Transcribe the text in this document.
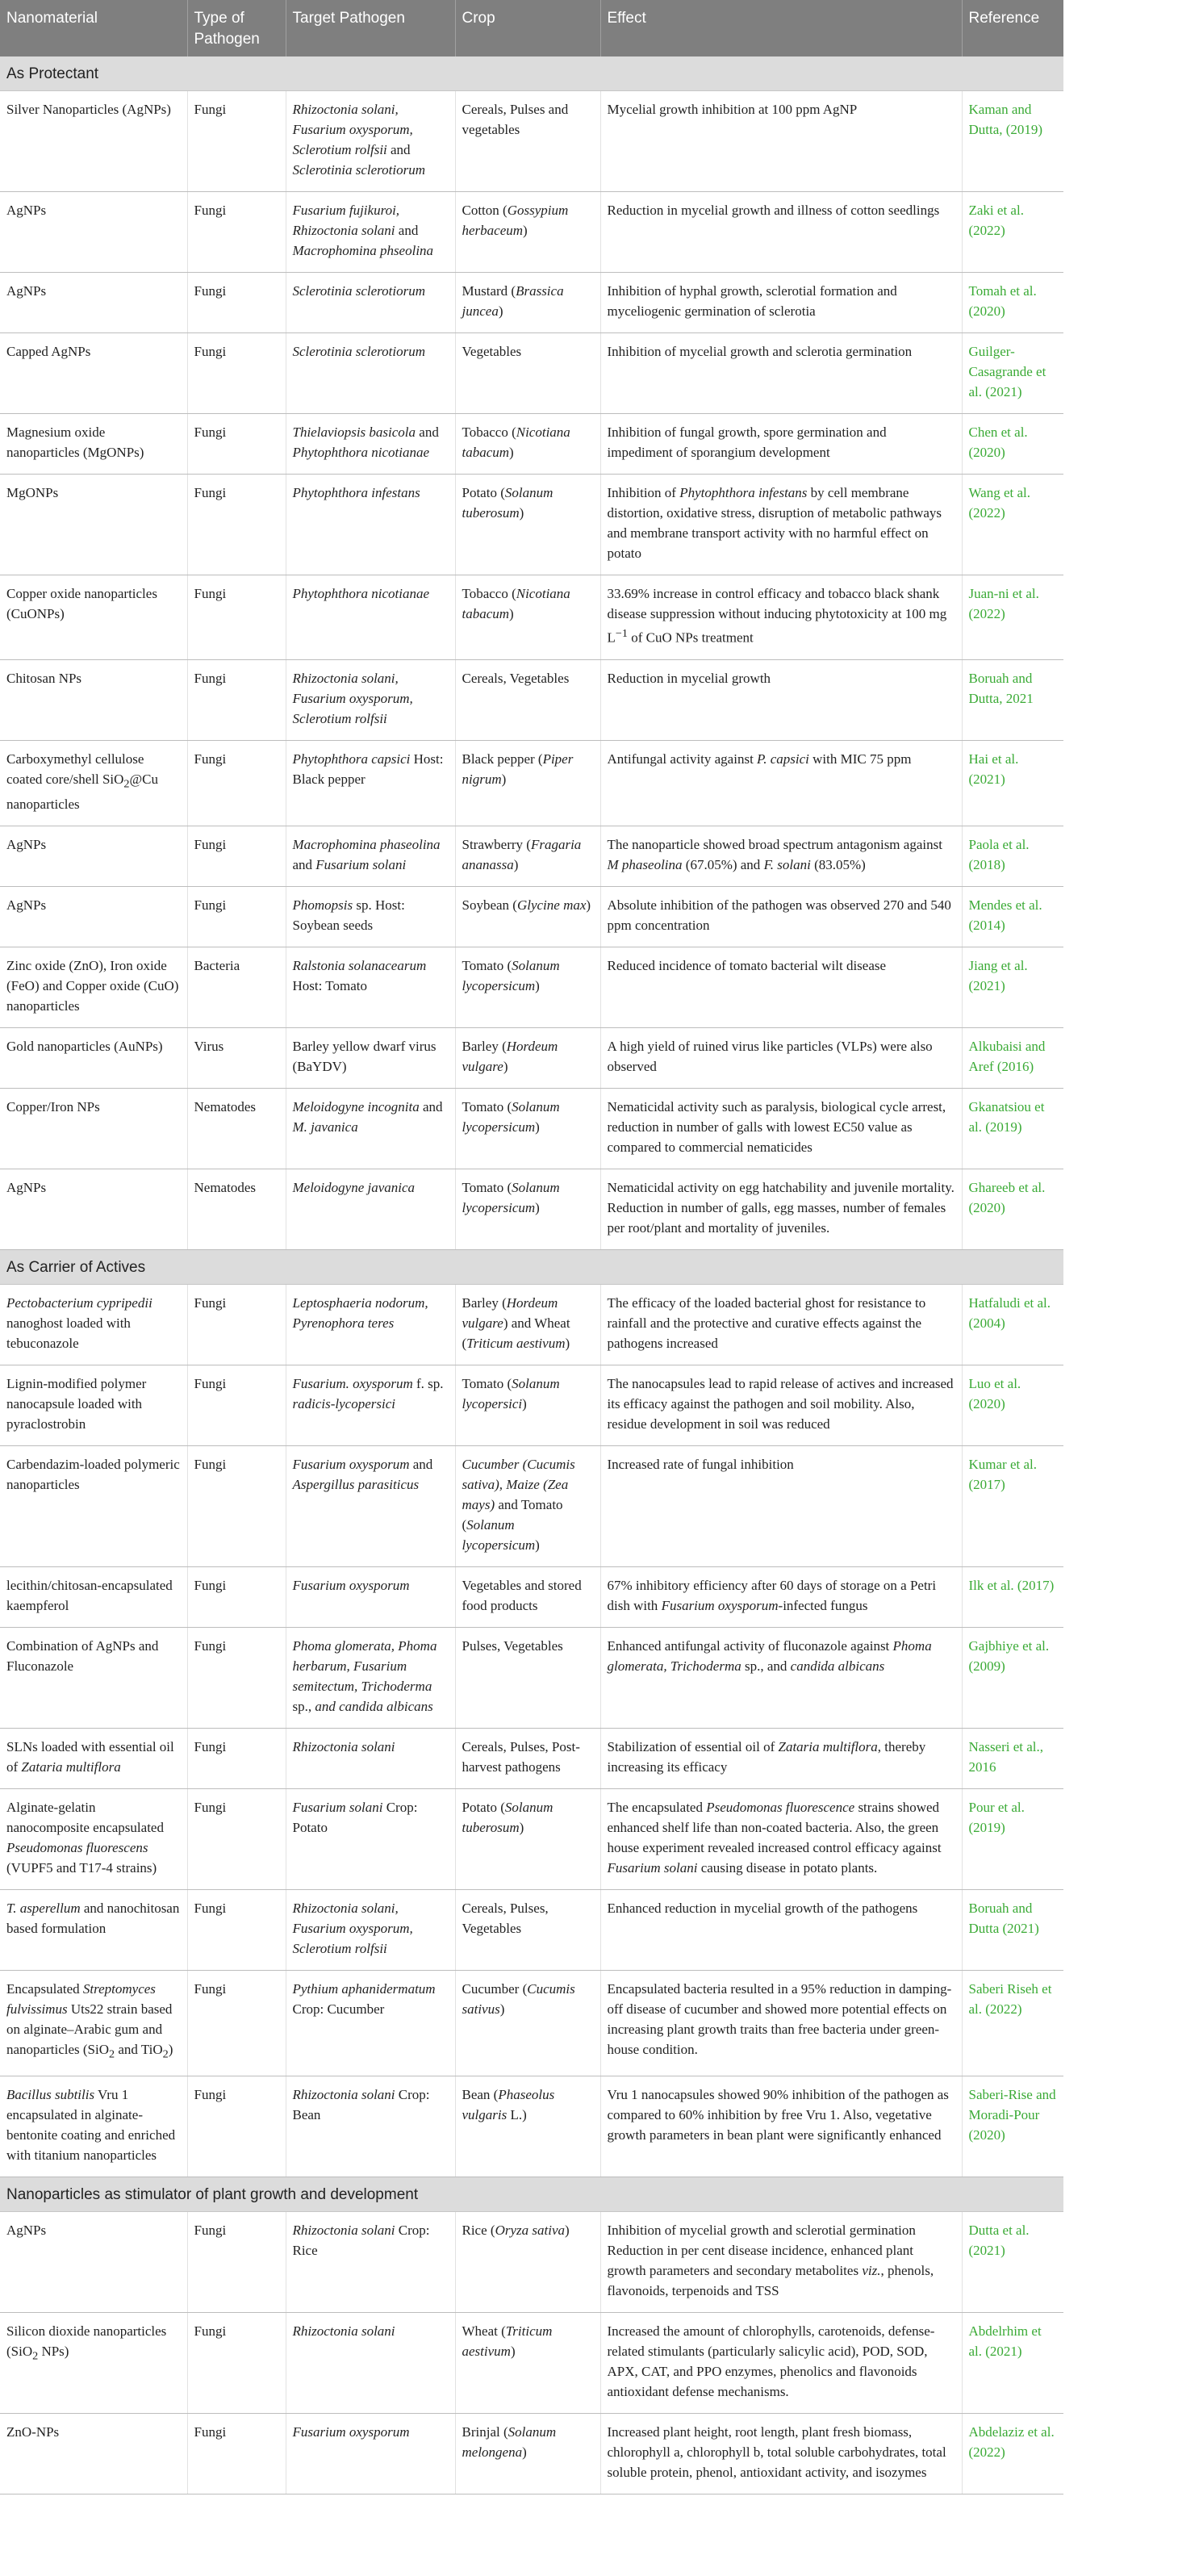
Nanomaterial	Type of Pathogen	Target Pathogen	Crop	Effect	Reference
As Protectant					
Silver Nanoparticles (AgNPs)	Fungi	Rhizoctonia solani, Fusarium oxysporum, Sclerotium rolfsii and Sclerotinia sclerotiorum	Cereals, Pulses and vegetables	Mycelial growth inhibition at 100 ppm AgNP	Kaman and Dutta, (2019)
AgNPs	Fungi	Fusarium fujikuroi, Rhizoctonia solani and Macrophomina phseolina	Cotton (Gossypium herbaceum)	Reduction in mycelial growth and illness of cotton seedlings	Zaki et al. (2022)
AgNPs	Fungi	Sclerotinia sclerotiorum	Mustard (Brassica juncea)	Inhibition of hyphal growth, sclerotial formation and myceliogenic germination of sclerotia	Tomah et al. (2020)
Capped AgNPs	Fungi	Sclerotinia sclerotiorum	Vegetables	Inhibition of mycelial growth and sclerotia germination	Guilger-Casagrande et al. (2021)
Magnesium oxide nanoparticles (MgONPs)	Fungi	Thielaviopsis basicola and Phytophthora nicotianae	Tobacco (Nicotiana tabacum)	Inhibition of fungal growth, spore germination and impediment of sporangium development	Chen et al. (2020)
MgONPs	Fungi	Phytophthora infestans	Potato (Solanum tuberosum)	Inhibition of Phytophthora infestans by cell membrane distortion, oxidative stress, disruption of metabolic pathways and membrane transport activity with no harmful effect on potato	Wang et al. (2022)
Copper oxide nanoparticles (CuONPs)	Fungi	Phytophthora nicotianae	Tobacco (Nicotiana tabacum)	33.69% increase in control efficacy and tobacco black shank disease suppression without inducing phytotoxicity at 100 mg $L^{-1}$ of CuO NPs treatment	Juan-ni et al. (2022)
Chitosan NPs	Fungi	Rhizoctonia solani, Fusarium oxysporum, Sclerotium rolfsii	Cereals, Vegetables	Reduction in mycelial growth	Boruah and Dutta, 2021
Carboxymethyl cellulose coated core/shell SiO$_2$@Cu nanoparticles	Fungi	Phytophthora capsici Host: Black pepper	Black pepper (Piper nigrum)	Antifungal activity against P. capsici with MIC 75 ppm	Hai et al. (2021)
AgNPs	Fungi	Macrophomina phaseolina and Fusarium solani	Strawberry (Fragaria ananassa)	The nanoparticle showed broad spectrum antagonism against M phaseolina (67.05%) and F. solani (83.05%)	Paola et al. (2018)
AgNPs	Fungi	Phomopsis sp. Host: Soybean seeds	Soybean (Glycine max)	Absolute inhibition of the pathogen was observed 270 and 540 ppm concentration	Mendes et al. (2014)
Zinc oxide (ZnO), Iron oxide (FeO) and Copper oxide (CuO) nanoparticles	Bacteria	Ralstonia solanacearum Host: Tomato	Tomato (Solanum lycopersicum)	Reduced incidence of tomato bacterial wilt disease	Jiang et al. (2021)
Gold nanoparticles (AuNPs)	Virus	Barley yellow dwarf virus (BaYDV)	Barley (Hordeum vulgare)	A high yield of ruined virus like particles (VLPs) were also observed	Alkubaisi and Aref (2016)
Copper/Iron NPs	Nematodes	Meloidogyne incognita and M. javanica	Tomato (Solanum lycopersicum)	Nematicidal activity such as paralysis, biological cycle arrest, reduction in number of galls with lowest EC50 value as compared to commercial nematicides	Gkanatsiou et al. (2019)
AgNPs	Nematodes	Meloidogyne javanica	Tomato (Solanum lycopersicum)	Nematicidal activity on egg hatchability and juvenile mortality. Reduction in number of galls, egg masses, number of females per root/plant and mortality of juveniles.	Ghareeb et al. (2020)
As Carrier of Actives					
Pectobacterium cypripedii nanoghost loaded with tebuconazole	Fungi	Leptosphaeria nodorum, Pyrenophora teres	Barley (Hordeum vulgare) and Wheat (Triticum aestivum)	The efficacy of the loaded bacterial ghost for resistance to rainfall and the protective and curative effects against the pathogens increased	Hatfaludi et al. (2004)
Lignin-modified polymer nanocapsule loaded with pyraclostrobin	Fungi	Fusarium. oxysporum f. sp. radicis-lycopersici	Tomato (Solanum lycopersici)	The nanocapsules lead to rapid release of actives and increased its efficacy against the pathogen and soil mobility. Also, residue development in soil was reduced	Luo et al. (2020)
Carbendazim-loaded polymeric nanoparticles	Fungi	Fusarium oxysporum and Aspergillus parasiticus	Cucumber (Cucumis sativa), Maize (Zea mays) and Tomato (Solanum lycopersicum)	Increased rate of fungal inhibition	Kumar et al. (2017)
lecithin/chitosan-encapsulated kaempferol	Fungi	Fusarium oxysporum	Vegetables and stored food products	67% inhibitory efficiency after 60 days of storage on a Petri dish with Fusarium oxysporum-infected fungus	Ilk et al. (2017)
Combination of AgNPs and Fluconazole	Fungi	Phoma glomerata, Phoma herbarum, Fusarium semitectum, Trichoderma sp., and candida albicans	Pulses, Vegetables	Enhanced antifungal activity of fluconazole against Phoma glomerata, Trichoderma sp., and candida albicans	Gajbhiye et al. (2009)
SLNs loaded with essential oil of Zataria multiflora	Fungi	Rhizoctonia solani	Cereals, Pulses, Post-harvest pathogens	Stabilization of essential oil of Zataria multiflora, thereby increasing its efficacy	Nasseri et al., 2016
Alginate-gelatin nanocomposite encapsulated Pseudomonas fluorescens (VUPF5 and T17-4 strains)	Fungi	Fusarium solani Crop: Potato	Potato (Solanum tuberosum)	The encapsulated Pseudomonas fluorescence strains showed enhanced shelf life than non-coated bacteria. Also, the green house experiment revealed increased control efficacy against Fusarium solani causing disease in potato plants.	Pour et al. (2019)
T. asperellum and nanochitosan based formulation	Fungi	Rhizoctonia solani, Fusarium oxysporum, Sclerotium rolfsii	Cereals, Pulses, Vegetables	Enhanced reduction in mycelial growth of the pathogens	Boruah and Dutta (2021)
Encapsulated Streptomyces fulvissimus Uts22 strain based on alginate–Arabic gum and nanoparticles (SiO$_2$ and TiO$_2$)	Fungi	Pythium aphanidermatum Crop: Cucumber	Cucumber (Cucumis sativus)	Encapsulated bacteria resulted in a 95% reduction in damping-off disease of cucumber and showed more potential effects on increasing plant growth traits than free bacteria under green-house condition.	Saberi Riseh et al. (2022)
Bacillus subtilis Vru 1 encapsulated in alginate-bentonite coating and enriched with titanium nanoparticles	Fungi	Rhizoctonia solani Crop: Bean	Bean (Phaseolus vulgaris L.)	Vru 1 nanocapsules showed 90% inhibition of the pathogen as compared to 60% inhibition by free Vru 1. Also, vegetative growth parameters in bean plant were significantly enhanced	Saberi-Rise and Moradi-Pour (2020)
Nanoparticles as stimulator of plant growth and development					
AgNPs	Fungi	Rhizoctonia solani Crop: Rice	Rice (Oryza sativa)	Inhibition of mycelial growth and sclerotial germination Reduction in per cent disease incidence, enhanced plant growth parameters and secondary metabolites viz., phenols, flavonoids, terpenoids and TSS	Dutta et al. (2021)
Silicon dioxide nanoparticles (SiO$_2$ NPs)	Fungi	Rhizoctonia solani	Wheat (Triticum aestivum)	Increased the amount of chlorophylls, carotenoids, defense-related stimulants (particularly salicylic acid), POD, SOD, APX, CAT, and PPO enzymes, phenolics and flavonoids antioxidant defense mechanisms.	Abdelrhim et al. (2021)
ZnO-NPs	Fungi	Fusarium oxysporum	Brinjal (Solanum melongena)	Increased plant height, root length, plant fresh biomass, chlorophyll a, chlorophyll b, total soluble carbohydrates, total soluble protein, phenol, antioxidant activity, and isozymes	Abdelaziz et al. (2022)
